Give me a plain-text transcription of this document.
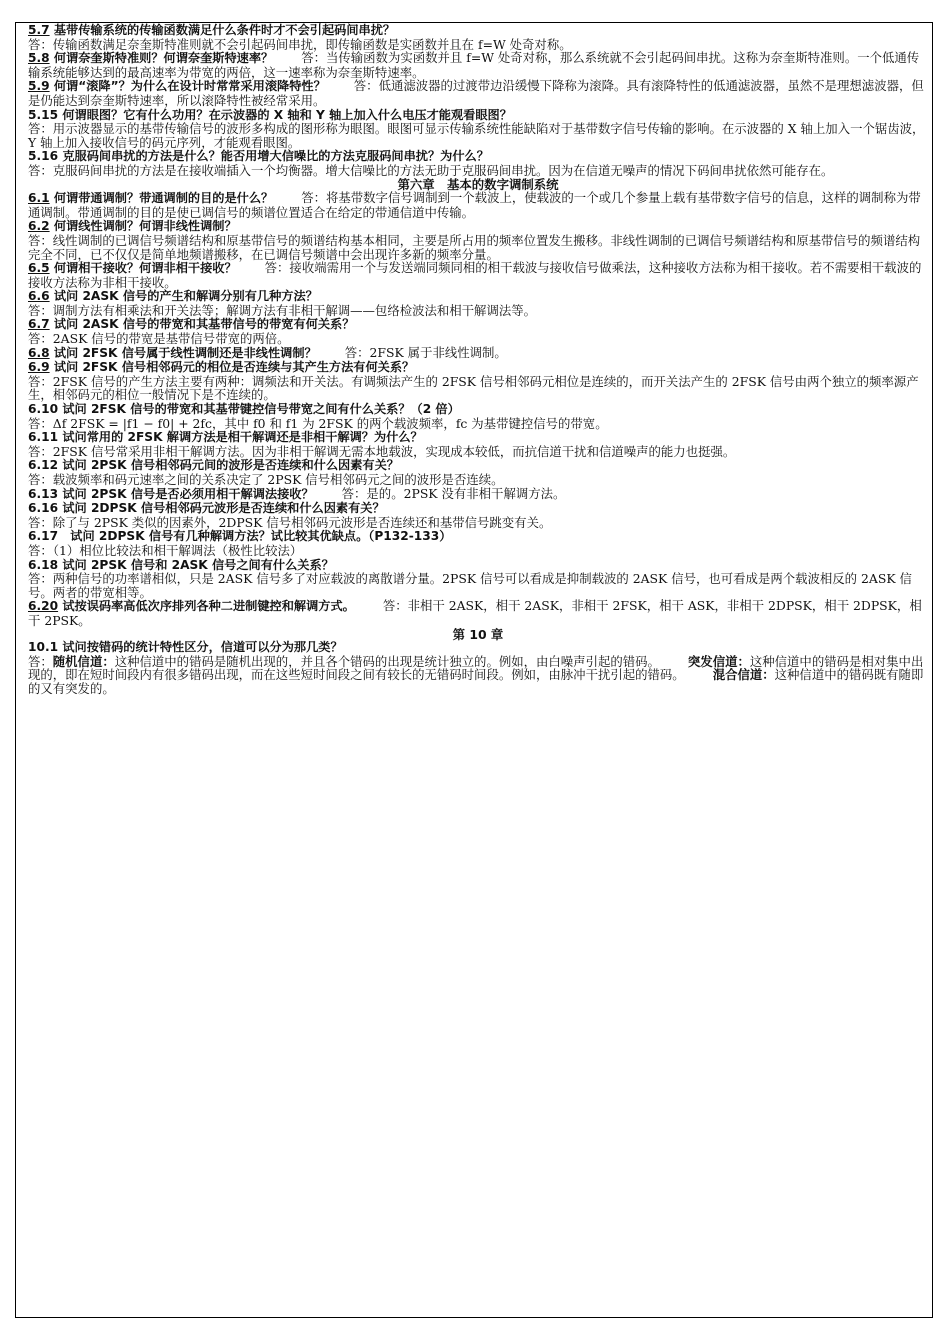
5.7 基带传输系统的传输函数满足什么条件时才不会引起码间串扰？
答：传输函数满足奈奎斯特准则就不会引起码间串扰，即传输函数是实函数并且在 f=W 处奇对称。
5.8 何谓奈奎斯特准则？何谓奈奎斯特速率？ 答：当传输函数为实函数并且 f=W 处奇对称，那么系统就不会引起码间串扰。这称为奈奎斯特准则。一个低通传输系统能够达到的最高速率为带宽的两倍，这一速率称为奈奎斯特速率。
5.9 何谓“滚降”？为什么在设计时常常采用滚降特性？ 答：低通滤波器的过渡带边沿缓慢下降称为滚降。具有滚降特性的低通滤波器，虽然不是理想滤波器，但是仍能达到奈奎斯特速率，所以滚降特性被经常采用。
5.15 何谓眼图？它有什么功用？在示波器的 X 轴和 Y 轴上加入什么电压才能观看眼图？
答：用示波器显示的基带传输信号的波形多构成的图形称为眼图。眼图可显示传输系统性能缺陷对于基带数字信号传输的影响。在示波器的 X 轴上加入一个锯齿波，Y 轴上加入接收信号的码元序列，才能观看眼图。
5.16 克服码间串扰的方法是什么？能否用增大信噪比的方法克服码间串扰？为什么？
答：克服码间串扰的方法是在接收端插入一个均衡器。增大信噪比的方法无助于克服码间串扰。因为在信道无噪声的情况下码间串扰依然可能存在。
第六章　基本的数字调制系统
6.1 何谓带通调制？带通调制的目的是什么？ 答：将基带数字信号调制到一个载波上，使载波的一个或几个参量上载有基带数字信号的信息，这样的调制称为带通调制。带通调制的目的是使已调信号的频谱位置适合在给定的带通信道中传输。
6.2 何谓线性调制？何谓非线性调制？
答：线性调制的已调信号频谱结构和原基带信号的频谱结构基本相同，主要是所占用的频率位置发生搬移。非线性调制的已调信号频谱结构和原基带信号的频谱结构完全不同，已不仅仅是简单地频谱搬移，在已调信号频谱中会出现许多新的频率分量。
6.5 何谓相干接收？何谓非相干接收？ 答：接收端需用一个与发送端同频同相的相干载波与接收信号做乘法，这种接收方法称为相干接收。若不需要相干载波的接收方法称为非相干接收。
6.6 试问 2ASK 信号的产生和解调分别有几种方法？
答：调制方法有相乘法和开关法等；解调方法有非相干解调——包络检波法和相干解调法等。
6.7 试问 2ASK 信号的带宽和其基带信号的带宽有何关系？
答：2ASK 信号的带宽是基带信号带宽的两倍。
6.8 试问 2FSK 信号属于线性调制还是非线性调制？ 答：2FSK 属于非线性调制。
6.9 试问 2FSK 信号相邻码元的相位是否连续与其产生方法有何关系？
答：2FSK 信号的产生方法主要有两种：调频法和开关法。有调频法产生的 2FSK 信号相邻码元相位是连续的，而开关法产生的 2FSK 信号由两个独立的频率源产生，相邻码元的相位一般情况下是不连续的。
6.10 试问 2FSK 信号的带宽和其基带键控信号带宽之间有什么关系？（2 倍）
答：Δf 2FSK = |f1 − f0| + 2fc，其中 f0 和 f1 为 2FSK 的两个载波频率，fc 为基带键控信号的带宽。
6.11 试问常用的 2FSK 解调方法是相干解调还是非相干解调？为什么？
答：2FSK 信号常采用非相干解调方法。因为非相干解调无需本地载波，实现成本较低，而抗信道干扰和信道噪声的能力也挺强。
6.12 试问 2PSK 信号相邻码元间的波形是否连续和什么因素有关？
答：载波频率和码元速率之间的关系决定了 2PSK 信号相邻码元之间的波形是否连续。
6.13 试问 2PSK 信号是否必须用相干解调法接收？ 答：是的。2PSK 没有非相干解调方法。
6.16 试问 2DPSK 信号相邻码元波形是否连续和什么因素有关？
答：除了与 2PSK 类似的因素外，2DPSK 信号相邻码元波形是否连续还和基带信号跳变有关。
6.17　试问 2DPSK 信号有几种解调方法？试比较其优缺点。（P132-133）
答：（1）相位比较法和相干解调法（极性比较法）
6.18 试问 2PSK 信号和 2ASK 信号之间有什么关系？
答：两种信号的功率谱相似，只是 2ASK 信号多了对应载波的离散谱分量。2PSK 信号可以看成是抑制载波的 2ASK 信号，也可看成是两个载波相反的 2ASK 信号。两者的带宽相等。
6.20 试按误码率高低次序排列各种二进制键控和解调方式。 答：非相干 2ASK，相干 2ASK，非相干 2FSK，相干 ASK，非相干 2DPSK，相干 2DPSK，相干 2PSK。
第 10 章
10.1 试问按错码的统计特性区分，信道可以分为那几类？
答：随机信道：这种信道中的错码是随机出现的，并且各个错码的出现是统计独立的。例如，由白噪声引起的错码。 突发信道：这种信道中的错码是相对集中出现的，即在短时间段内有很多错码出现，而在这些短时间段之间有较长的无错码时间段。例如，由脉冲干扰引起的错码。 混合信道：这种信道中的错码既有随即的又有突发的。
